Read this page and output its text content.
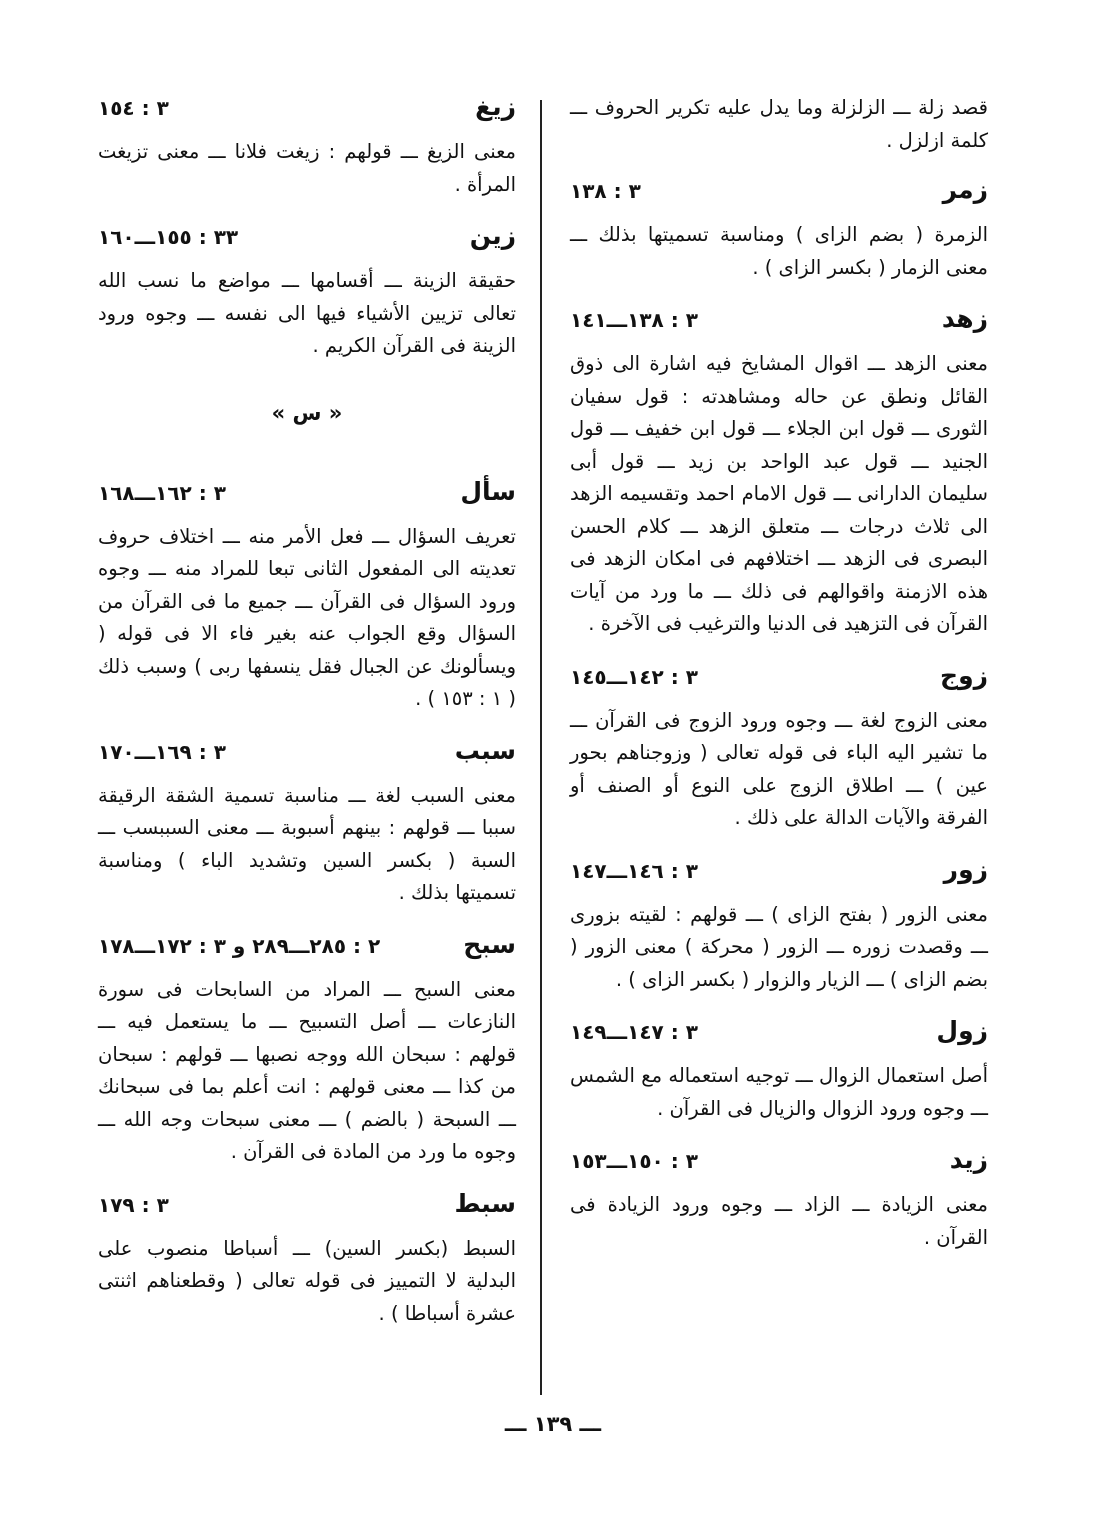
قصد زلة ـــ الزلزلة وما يدل عليه تكرير الحروف ـــ كلمة ازلزل .

٣ : ١٣٨	زمر
الزمرة ( بضم الزاى ) ومناسبة تسميتها بذلك ـــ معنى الزمار ( بكسر الزاى ) .
٣ : ١٣٨ـــ١٤١	زهد
معنى الزهد ـــ اقوال المشايخ فيه اشارة الى ذوق القائل ونطق عن حاله ومشاهدته : قول سفيان الثورى ـــ قول ابن الجلاء ـــ قول ابن خفيف ـــ قول الجنيد ـــ قول عبد الواحد بن زيد ـــ قول أبى سليمان الدارانى ـــ قول الامام احمد وتقسيمه الزهد الى ثلاث درجات ـــ متعلق الزهد ـــ كلام الحسن البصرى فى الزهد ـــ اختلافهم فى امكان الزهد فى هذه الازمنة واقوالهم فى ذلك ـــ ما ورد من آيات القرآن فى التزهيد فى الدنيا والترغيب فى الآخرة .
٣ : ١٤٢ـــ١٤٥	زوج
معنى الزوج لغة ـــ وجوه ورود الزوج فى القرآن ـــ ما تشير اليه الباء فى قوله تعالى ( وزوجناهم بحور عين ) ـــ اطلاق الزوج على النوع أو الصنف أو الفرقة والآيات الدالة على ذلك .
٣ : ١٤٦ـــ١٤٧	زور
معنى الزور ( بفتح الزاى ) ـــ قولهم : لقيته بزورى ـــ وقصدت زوره ـــ الزور ( محركة ) معنى الزور ( بضم الزاى ) ـــ الزيار والزوار ( بكسر الزاى ) .
٣ : ١٤٧ـــ١٤٩	زول
أصل استعمال الزوال ـــ توجيه استعماله مع الشمس ـــ وجوه ورود الزوال والزيال فى القرآن .
٣ : ١٥٠ـــ١٥٣	زيد
معنى الزيادة ـــ الزاد ـــ وجوه ورود الزيادة فى القرآن .
٣ : ١٥٤	زيغ
معنى الزيغ ـــ قولهم : زيغت فلانا ـــ معنى تزيغت المرأة .
٣٣ : ١٥٥ـــ١٦٠	زين
حقيقة الزينة ـــ أقسامها ـــ مواضع ما نسب الله تعالى تزيين الأشياء فيها الى نفسه ـــ وجوه ورود الزينة فى القرآن الكريم .
« س »
٣ : ١٦٢ـــ١٦٨	سأل
تعريف السؤال ـــ فعل الأمر منه ـــ اختلاف حروف تعديته الى المفعول الثانى تبعا للمراد منه ـــ وجوه ورود السؤال فى القرآن ـــ جميع ما فى القرآن من السؤال وقع الجواب عنه بغير فاء الا فى قوله ( ويسألونك عن الجبال فقل ينسفها ربى ) وسبب ذلك ( ١ : ١٥٣ ) .
٣ : ١٦٩ـــ١٧٠	سبب
معنى السبب لغة ـــ مناسبة تسمية الشقة الرقيقة سببا ـــ قولهم : بينهم أسبوبة ـــ معنى السببسب ـــ السبة ( بكسر السين وتشديد الباء ) ومناسبة تسميتها بذلك .
٢ : ٢٨٥ـــ٢٨٩ و ٣ : ١٧٢ـــ١٧٨	سبح
معنى السبح ـــ المراد من السابحات فى سورة النازعات ـــ أصل التسبيح ـــ ما يستعمل فيه ـــ قولهم : سبحان الله ووجه نصبها ـــ قولهم : سبحان من كذا ـــ معنى قولهم : انت أعلم بما فى سبحانك ـــ السبحة ( بالضم ) ـــ معنى سبحات وجه الله ـــ وجوه ما ورد من المادة فى القرآن .
٣ : ١٧٩	سبط
السبط (بكسر السين) ـــ أسباطا منصوب على البدلية لا التمييز فى قوله تعالى ( وقطعناهم اثنتى عشرة أسباطا ) .
ـــ ١٣٩ ـــ
